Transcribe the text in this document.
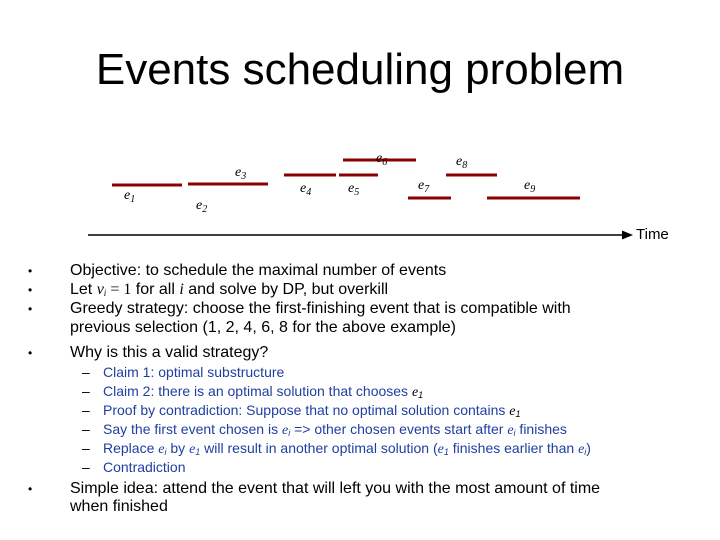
Events scheduling problem
$e_1$	$e_2$
$e_3$
$e_4$	$e_5$
$e_6$
$e_7$
$e_8$
$e_9$
Time
• Objective: to schedule the maximal number of events
• Let $v_i = 1$ for all i and solve by DP, but overkill
• Greedy strategy: choose the first-finishing event that is compatible with
previous selection (1, 2, 4, 6, 8 for the above example)
• Why is this a valid strategy?
– Claim 1: optimal substructure
– Claim 2: there is an optimal solution that chooses $e_1$
– Proof by contradiction: Suppose that no optimal solution contains $e_1$
– Say the first event chosen is $e_i$ => other chosen events start after $e_i$ finishes
– Replace $e_i$ by $e_1$ will result in another optimal solution ($e_1$ finishes earlier than $e_i$)
– Contradiction
• Simple idea: attend the event that will left you with the most amount of time
when finished
